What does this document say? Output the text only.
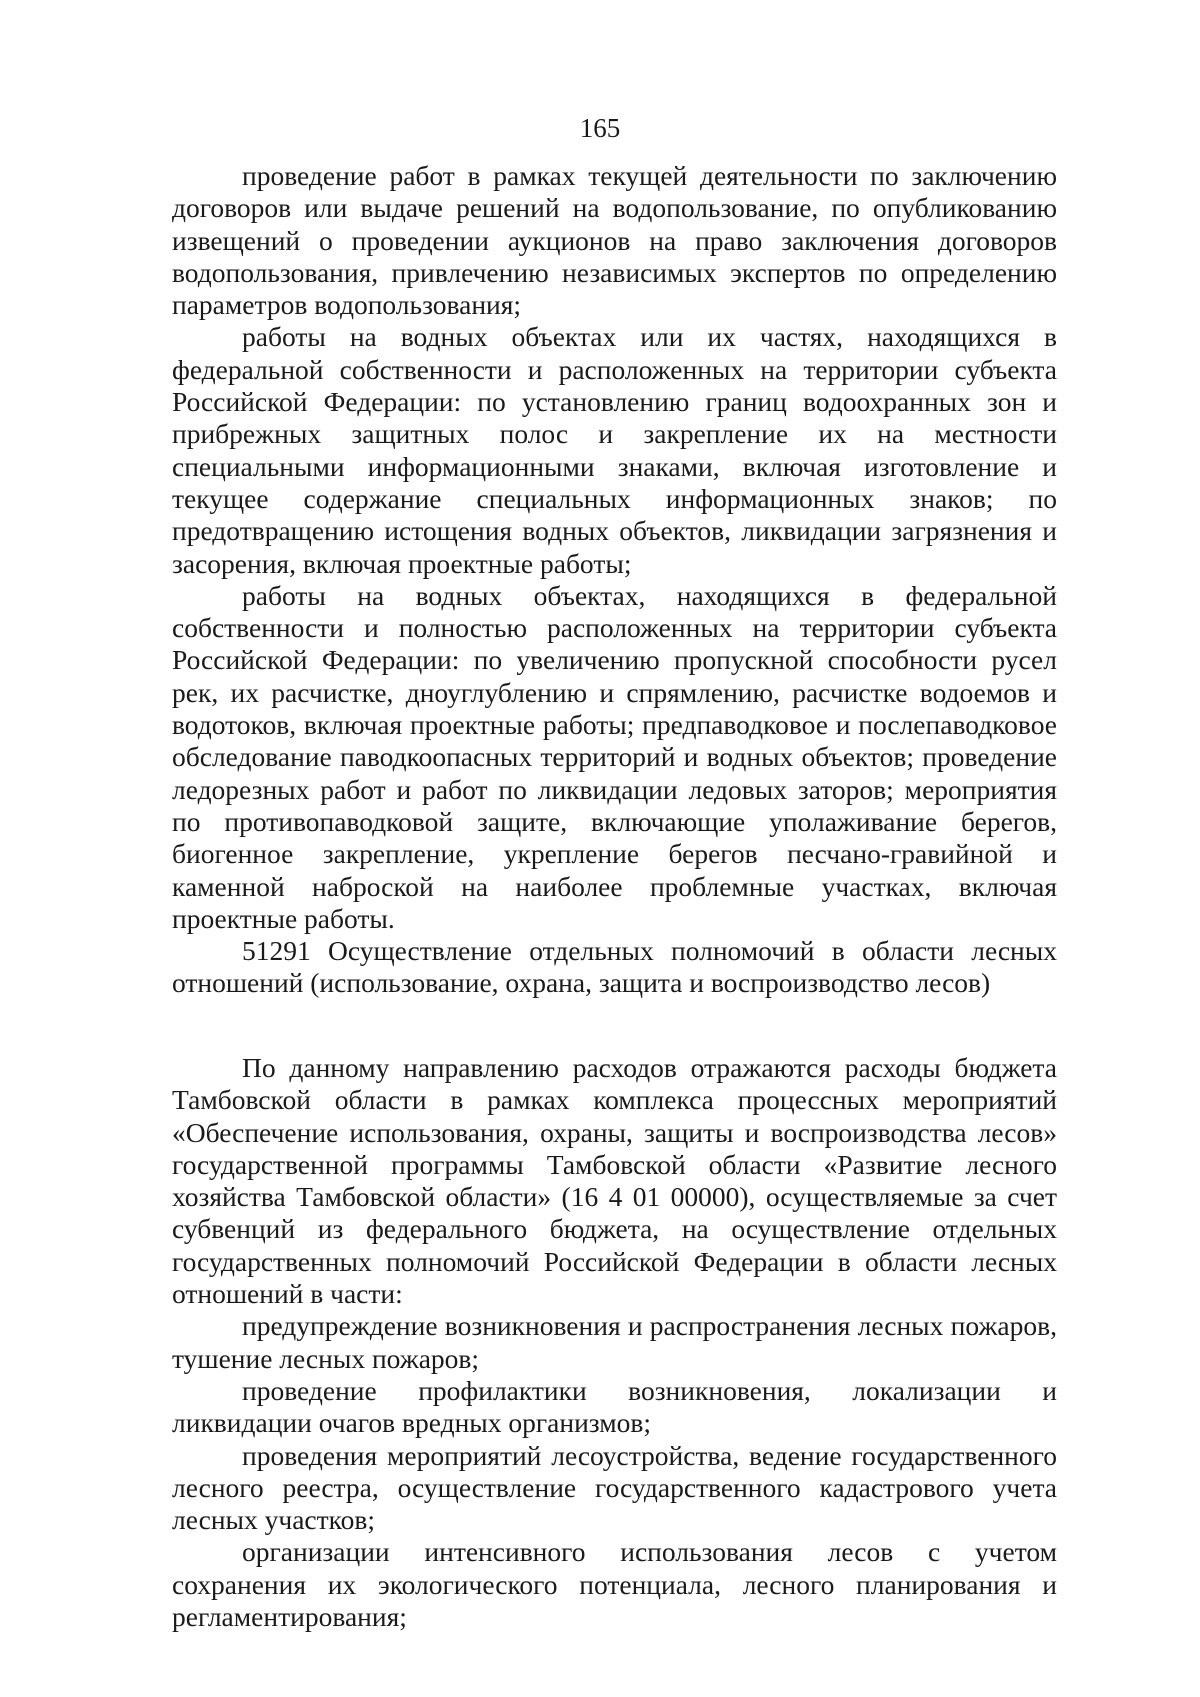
165

проведение работ в рамках текущей деятельности по заключению договоров или выдаче решений на водопользование, по опубликованию извещений о проведении аукционов на право заключения договоров водопользования, привлечению независимых экспертов по определению параметров водопользования;

работы на водных объектах или их частях, находящихся в федеральной собственности и расположенных на территории субъекта Российской Федерации: по установлению границ водоохранных зон и прибрежных защитных полос и закрепление их на местности специальными информационными знаками, включая изготовление и текущее содержание специальных информационных знаков; по предотвращению истощения водных объектов, ликвидации загрязнения и засорения, включая проектные работы;

работы на водных объектах, находящихся в федеральной собственности и полностью расположенных на территории субъекта Российской Федерации: по увеличению пропускной способности русел рек, их расчистке, дноуглублению и спрямлению, расчистке водоемов и водотоков, включая проектные работы; предпаводковое и послепаводковое обследование паводкоопасных территорий и водных объектов; проведение ледорезных работ и работ по ликвидации ледовых заторов; мероприятия по противопаводковой защите, включающие уполаживание берегов, биогенное закрепление, укрепление берегов песчано-гравийной и каменной наброской на наиболее проблемные участках, включая проектные работы.

51291 Осуществление отдельных полномочий в области лесных отношений (использование, охрана, защита и воспроизводство лесов)

По данному направлению расходов отражаются расходы бюджета Тамбовской области в рамках комплекса процессных мероприятий «Обеспечение использования, охраны, защиты и воспроизводства лесов» государственной программы Тамбовской области «Развитие лесного хозяйства Тамбовской области» (16 4 01 00000), осуществляемые за счет субвенций из федерального бюджета, на осуществление отдельных государственных полномочий Российской Федерации в области лесных отношений в части:

предупреждение возникновения и распространения лесных пожаров, тушение лесных пожаров;

проведение профилактики возникновения, локализации и ликвидации очагов вредных организмов;

проведения мероприятий лесоустройства, ведение государственного лесного реестра, осуществление государственного кадастрового учета лесных участков;

организации интенсивного использования лесов с учетом сохранения их экологического потенциала, лесного планирования и регламентирования;
